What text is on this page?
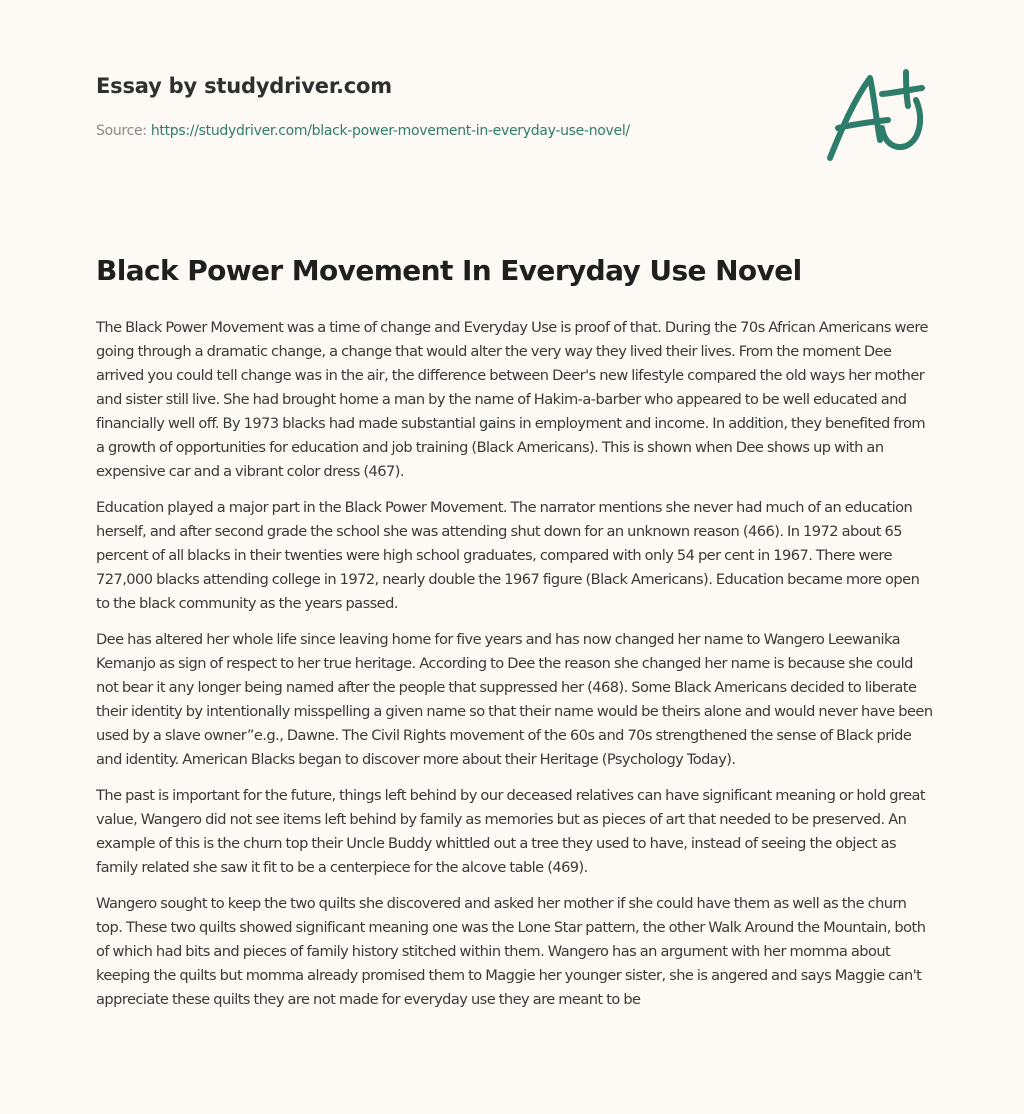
Essay by studydriver.com
Source: https://studydriver.com/black-power-movement-in-everyday-use-novel/
Black Power Movement In Everyday Use Novel

The Black Power Movement was a time of change and Everyday Use is proof of that. During the 70s African Americans were going through a dramatic change, a change that would alter the very way they lived their lives. From the moment Dee arrived you could tell change was in the air, the difference between Deer's new lifestyle compared the old ways her mother and sister still live. She had brought home a man by the name of Hakim-a-barber who appeared to be well educated and financially well off. By 1973 blacks had made substantial gains in employment and income. In addition, they benefited from a growth of opportunities for education and job training (Black Americans). This is shown when Dee shows up with an expensive car and a vibrant color dress (467).

Education played a major part in the Black Power Movement. The narrator mentions she never had much of an education herself, and after second grade the school she was attending shut down for an unknown reason (466). In 1972 about 65 percent of all blacks in their twenties were high school graduates, compared with only 54 per cent in 1967. There were 727,000 blacks attending college in 1972, nearly double the 1967 figure (Black Americans). Education became more open to the black community as the years passed.

Dee has altered her whole life since leaving home for five years and has now changed her name to Wangero Leewanika Kemanjo as sign of respect to her true heritage. According to Dee the reason she changed her name is because she could not bear it any longer being named after the people that suppressed her (468). Some Black Americans decided to liberate their identity by intentionally misspelling a given name so that their name would be theirs alone and would never have been used by a slave owner”e.g., Dawne. The Civil Rights movement of the 60s and 70s strengthened the sense of Black pride and identity. American Blacks began to discover more about their Heritage (Psychology Today).

The past is important for the future, things left behind by our deceased relatives can have significant meaning or hold great value, Wangero did not see items left behind by family as memories but as pieces of art that needed to be preserved. An example of this is the churn top their Uncle Buddy whittled out a tree they used to have, instead of seeing the object as family related she saw it fit to be a centerpiece for the alcove table (469).

Wangero sought to keep the two quilts she discovered and asked her mother if she could have them as well as the churn top. These two quilts showed significant meaning one was the Lone Star pattern, the other Walk Around the Mountain, both of which had bits and pieces of family history stitched within them. Wangero has an argument with her momma about keeping the quilts but momma already promised them to Maggie her younger sister, she is angered and says Maggie can't appreciate these quilts they are not made for everyday use they are meant to be
